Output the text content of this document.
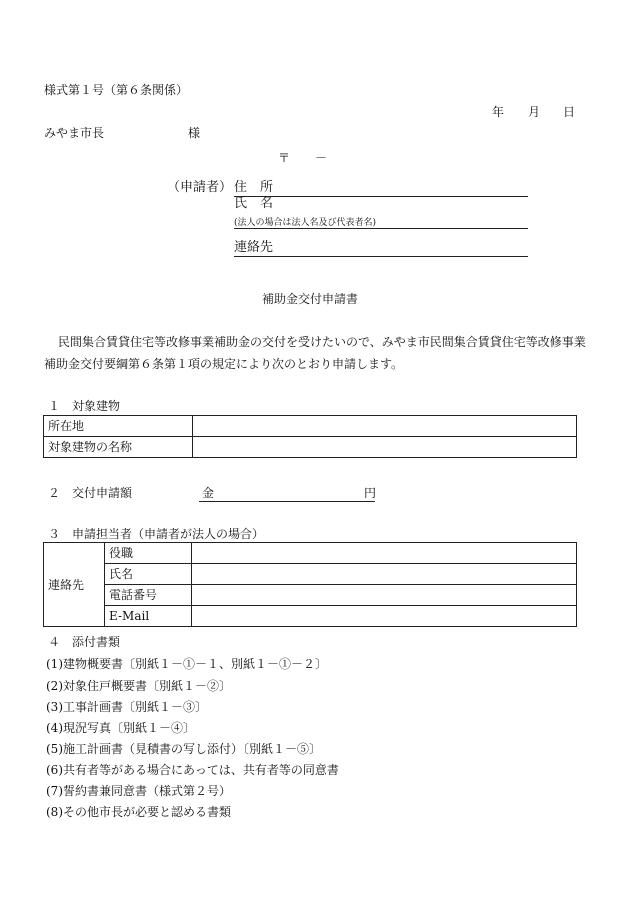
様式第１号（第６条関係）
年 月 日
みやま市長	様
〒 －
（申請者） 住　所
氏　名
(法人の場合は法人名及び代表者名)
連絡先
補助金交付申請書
民間集合賃貸住宅等改修事業補助金の交付を受けたいので、みやま市民間集合賃貸住宅等改修事業
補助金交付要綱第６条第１項の規定により次のとおり申請します。
１　対象建物
所在地	
対象建物の名称	
２　交付申請額	金	円
３　申請担当者（申請者が法人の場合）
連絡先	役職	
	氏名	
	電話番号	
	E-Mail	
４　添付書類
(1)建物概要書〔別紙１－①－１、別紙１－①－２〕
(2)対象住戸概要書〔別紙１－②〕
(3)工事計画書〔別紙１－③〕
(4)現況写真〔別紙１－④〕
(5)施工計画書（見積書の写し添付）〔別紙１－⑤〕
(6)共有者等がある場合にあっては、共有者等の同意書
(7)誓約書兼同意書（様式第２号）
(8)その他市長が必要と認める書類
